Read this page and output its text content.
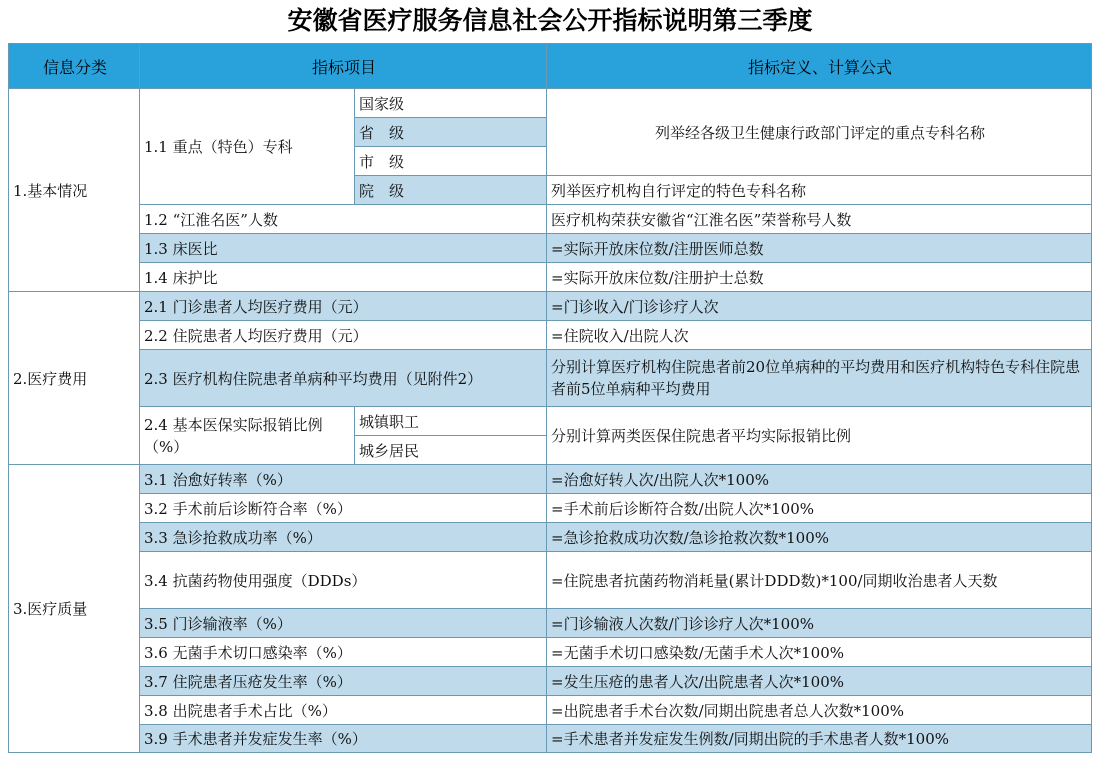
安徽省医疗服务信息社会公开指标说明第三季度
信息分类	指标项目		指标定义、计算公式
1.基本情况	1.1 重点（特色）专科	国家级	列举经各级卫生健康行政部门评定的重点专科名称
		省　级	
		市　级	
		院　级	列举医疗机构自行评定的特色专科名称
	1.2 “江淮名医”人数		医疗机构荣获安徽省“江淮名医”荣誉称号人数
	1.3 床医比		=实际开放床位数/注册医师总数
	1.4 床护比		=实际开放床位数/注册护士总数
2.医疗费用	2.1 门诊患者人均医疗费用（元）		=门诊收入/门诊诊疗人次
	2.2 住院患者人均医疗费用（元）		=住院收入/出院人次
	2.3 医疗机构住院患者单病种平均费用（见附件2）		分别计算医疗机构住院患者前20位单病种的平均费用和医疗机构特色专科住院患者前5位单病种平均费用
	2.4 基本医保实际报销比例（%）	城镇职工	分别计算两类医保住院患者平均实际报销比例
		城乡居民	
3.医疗质量	3.1 治愈好转率（%）		=治愈好转人次/出院人次*100%
	3.2 手术前后诊断符合率（%）		=手术前后诊断符合数/出院人次*100%
	3.3 急诊抢救成功率（%）		=急诊抢救成功次数/急诊抢救次数*100%
	3.4 抗菌药物使用强度（DDDs）		=住院患者抗菌药物消耗量(累计DDD数)*100/同期收治患者人天数
	3.5 门诊输液率（%）		=门诊输液人次数/门诊诊疗人次*100%
	3.6 无菌手术切口感染率（%）		=无菌手术切口感染数/无菌手术人次*100%
	3.7 住院患者压疮发生率（%）		=发生压疮的患者人次/出院患者人次*100%
	3.8 出院患者手术占比（%）		=出院患者手术台次数/同期出院患者总人次数*100%
	3.9 手术患者并发症发生率（%）		=手术患者并发症发生例数/同期出院的手术患者人数*100%
